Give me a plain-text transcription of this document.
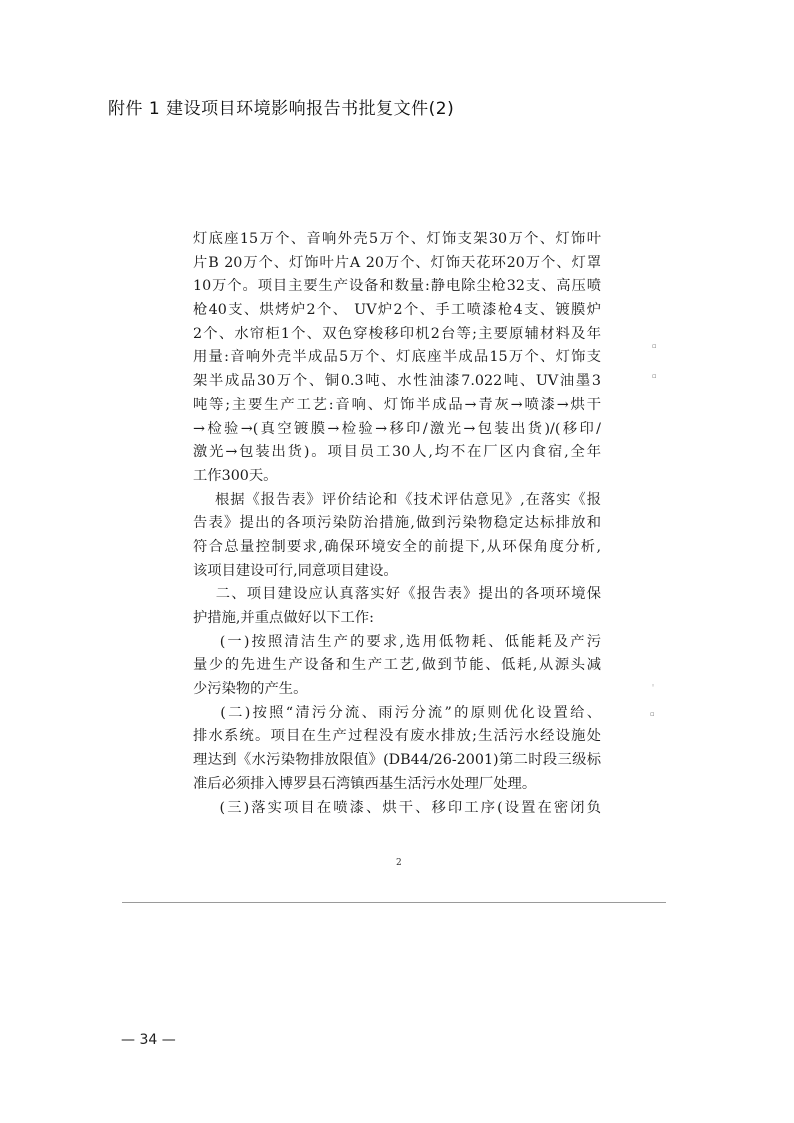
附件 1 建设项目环境影响报告书批复文件(2)
灯底座15万个、音响外壳5万个、灯饰支架30万个、灯饰叶
片B 20万个、灯饰叶片A 20万个、灯饰天花环20万个、灯罩
10万个。项目主要生产设备和数量:静电除尘枪32支、高压喷
枪40支、烘烤炉2个、 UV炉2个、手工喷漆枪4支、镀膜炉
2个、水帘柜1个、双色穿梭移印机2台等;主要原辅材料及年
用量:音响外壳半成品5万个、灯底座半成品15万个、灯饰支
架半成品30万个、铜0.3吨、水性油漆7.022吨、UV油墨3
吨等;主要生产工艺:音响、灯饰半成品→青灰→喷漆→烘干
→检验→(真空镀膜→检验→移印/激光→包装出货)/(移印/
激光→包装出货)。项目员工30人,均不在厂区内食宿,全年
工作300天。
根据《报告表》评价结论和《技术评估意见》,在落实《报
告表》提出的各项污染防治措施,做到污染物稳定达标排放和
符合总量控制要求,确保环境安全的前提下,从环保角度分析,
该项目建设可行,同意项目建设。
二、项目建设应认真落实好《报告表》提出的各项环境保
护措施,并重点做好以下工作:
(一)按照清洁生产的要求,选用低物耗、低能耗及产污
量少的先进生产设备和生产工艺,做到节能、低耗,从源头减
少污染物的产生。
(二)按照“清污分流、雨污分流”的原则优化设置给、
排水系统。项目在生产过程没有废水排放;生活污水经设施处
理达到《水污染物排放限值》(DB44/26-2001)第二时段三级标
准后必须排入博罗县石湾镇西基生活污水处理厂处理。
(三)落实项目在喷漆、烘干、移印工序(设置在密闭负
2
▫
▫
◦
▫
— 34 —
